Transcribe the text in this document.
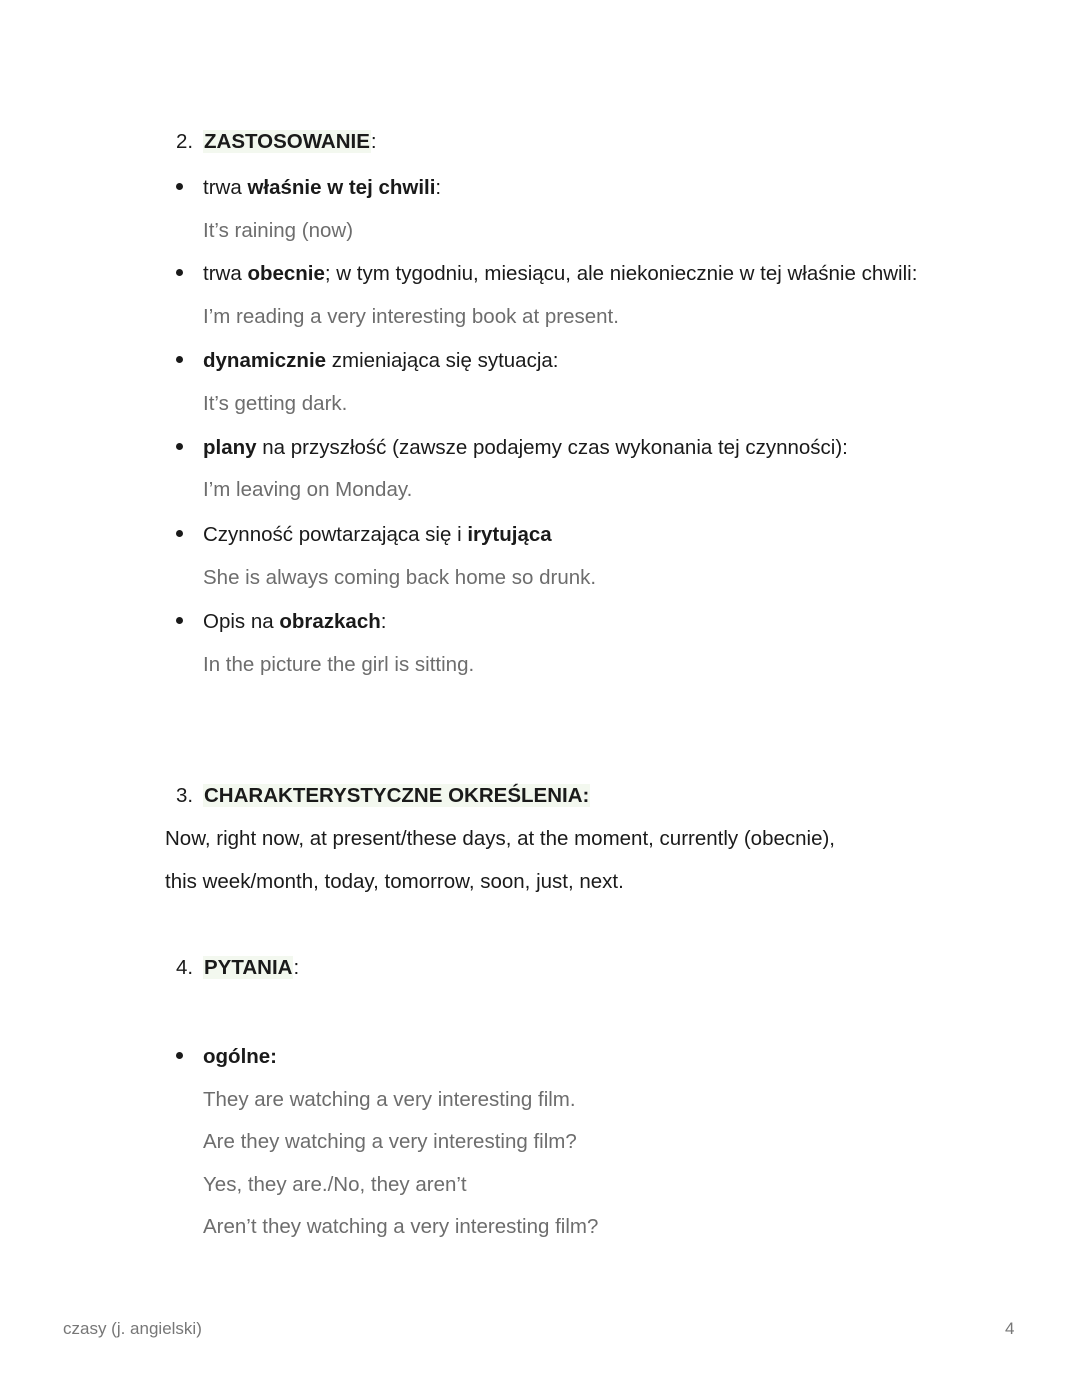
2. ZASTOSOWANIE:
trwa właśnie w tej chwili:
It’s raining (now)
trwa obecnie; w tym tygodniu, miesiącu, ale niekoniecznie w tej właśnie chwili:
I’m reading a very interesting book at present.
dynamicznie zmieniająca się sytuacja:
It’s getting dark.
plany na przyszłość (zawsze podajemy czas wykonania tej czynności):
I’m leaving on Monday.
Czynność powtarzająca się i irytująca
She is always coming back home so drunk.
Opis na obrazkach:
In the picture the girl is sitting.
3. CHARAKTERYSTYCZNE OKREŚLENIA:
Now, right now, at present/these days, at the moment, currently (obecnie),
this week/month, today, tomorrow, soon, just, next.
4. PYTANIA:
ogólne:
They are watching a very interesting film.
Are they watching a very interesting film?
Yes, they are./No, they aren’t
Aren’t they watching a very interesting film?
czasy (j. angielski)	4
